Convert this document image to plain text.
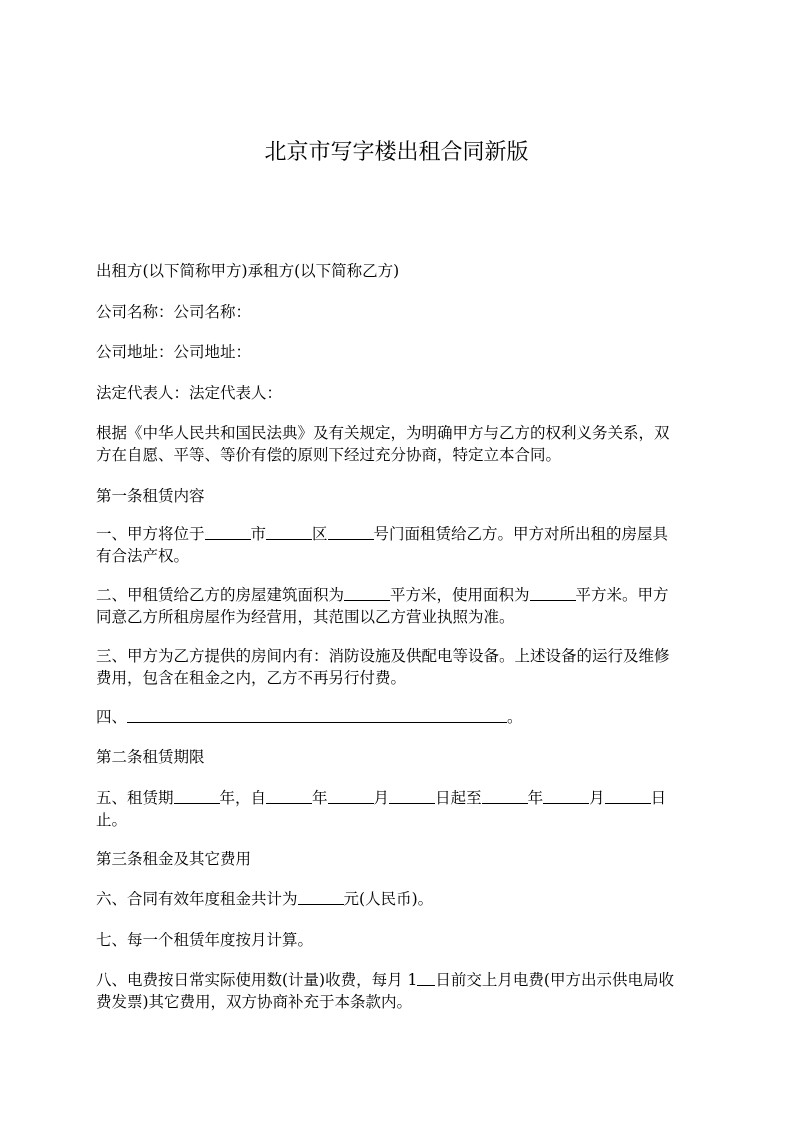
北京市写字楼出租合同新版
出租方(以下简称甲方)承租方(以下简称乙方)
公司名称：公司名称：
公司地址：公司地址：
法定代表人：法定代表人：
根据《中华人民共和国民法典》及有关规定，为明确甲方与乙方的权利义务关系，双
方在自愿、平等、等价有偿的原则下经过充分协商，特定立本合同。
第一条租赁内容
一、甲方将位于	市	区	号门面租赁给乙方。甲方对所出租的房屋具
有合法产权。
二、甲租赁给乙方的房屋建筑面积为	平方米，使用面积为	平方米。甲方
同意乙方所租房屋作为经营用，其范围以乙方营业执照为准。
三、甲方为乙方提供的房间内有：消防设施及供配电等设备。上述设备的运行及维修
费用，包含在租金之内，乙方不再另行付费。
四、	。
第二条租赁期限
五、租赁期	年，自	年	月	日起至	年	月	日
止。
第三条租金及其它费用
六、合同有效年度租金共计为	元(人民币)。
七、每一个租赁年度按月计算。
八、电费按日常实际使用数(计量)收费，每月 1 日前交上月电费(甲方出示供电局收
费发票)其它费用，双方协商补充于本条款内。
